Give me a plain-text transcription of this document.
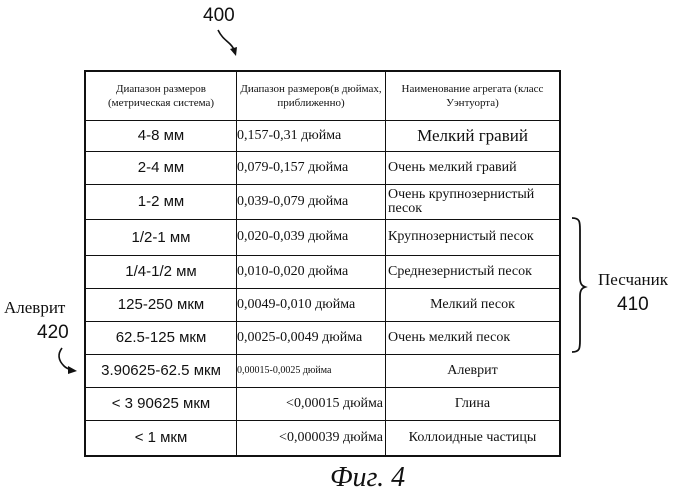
400
Диапазон размеров (метрическая система)	Диапазон размеров(в дюймах, приближенно)	Наименование агрегата (класс Уэнтуорта)
4-8 мм	0,157-0,31 дюйма	Мелкий гравий
2-4 мм	0,079-0,157 дюйма	Очень мелкий гравий
1-2 мм	0,039-0,079 дюйма	Очень крупнозернистый песок
1/2-1 мм	0,020-0,039 дюйма	Крупнозернистый песок
1/4-1/2 мм	0,010-0,020 дюйма	Среднезернистый песок
125-250 мкм	0,0049-0,010 дюйма	Мелкий песок
62.5-125 мкм	0,0025-0,0049 дюйма	Очень мелкий песок
3.90625-62.5 мкм	0,00015-0,0025 дюйма	Алеврит
< 3 90625 мкм	<0,00015 дюйма	Глина
< 1 мкм	<0,000039 дюйма	Коллоидные частицы
Песчаник
410
Алеврит
420
Фиг. 4
